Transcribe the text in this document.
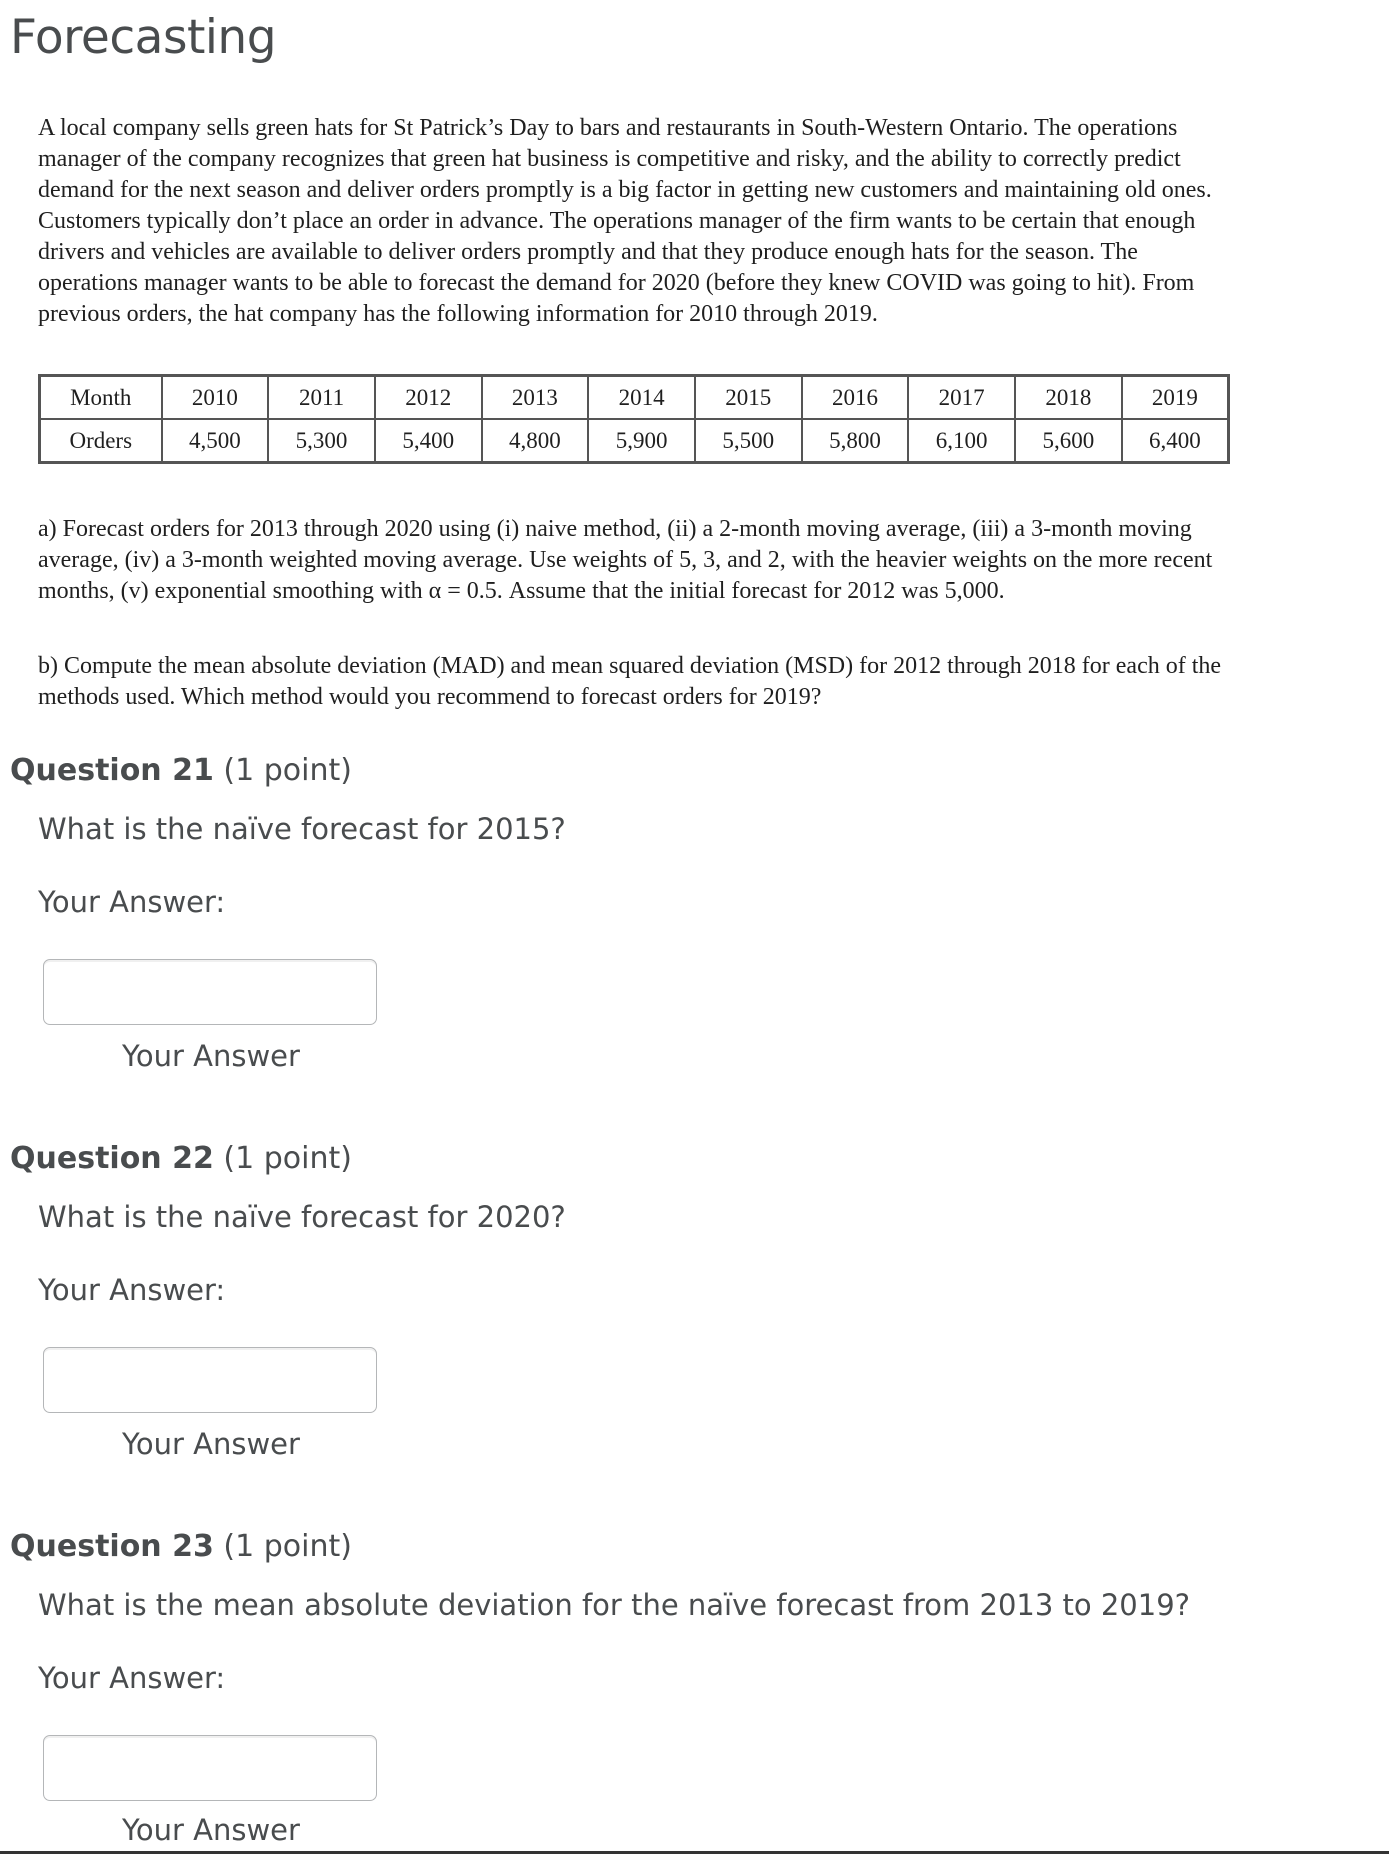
Forecasting

A local company sells green hats for St Patrick’s Day to bars and restaurants in South-Western Ontario. The operations manager of the company recognizes that green hat business is competitive and risky, and the ability to correctly predict demand for the next season and deliver orders promptly is a big factor in getting new customers and maintaining old ones. Customers typically don’t place an order in advance. The operations manager of the firm wants to be certain that enough drivers and vehicles are available to deliver orders promptly and that they produce enough hats for the season. The operations manager wants to be able to forecast the demand for 2020 (before they knew COVID was going to hit). From previous orders, the hat company has the following information for 2010 through 2019.

Month	2010	2011	2012	2013	2014	2015	2016	2017	2018	2019
Orders	4,500	5,300	5,400	4,800	5,900	5,500	5,800	6,100	5,600	6,400

a) Forecast orders for 2013 through 2020 using (i) naive method, (ii) a 2-month moving average, (iii) a 3-month moving average, (iv) a 3-month weighted moving average. Use weights of 5, 3, and 2, with the heavier weights on the more recent months, (v) exponential smoothing with α = 0.5. Assume that the initial forecast for 2012 was 5,000.

b) Compute the mean absolute deviation (MAD) and mean squared deviation (MSD) for 2012 through 2018 for each of the methods used. Which method would you recommend to forecast orders for 2019?

Question 21 (1 point)

What is the naïve forecast for 2015?

Your Answer:

Your Answer

Question 22 (1 point)

What is the naïve forecast for 2020?

Your Answer:

Your Answer

Question 23 (1 point)

What is the mean absolute deviation for the naïve forecast from 2013 to 2019?

Your Answer:

Your Answer
